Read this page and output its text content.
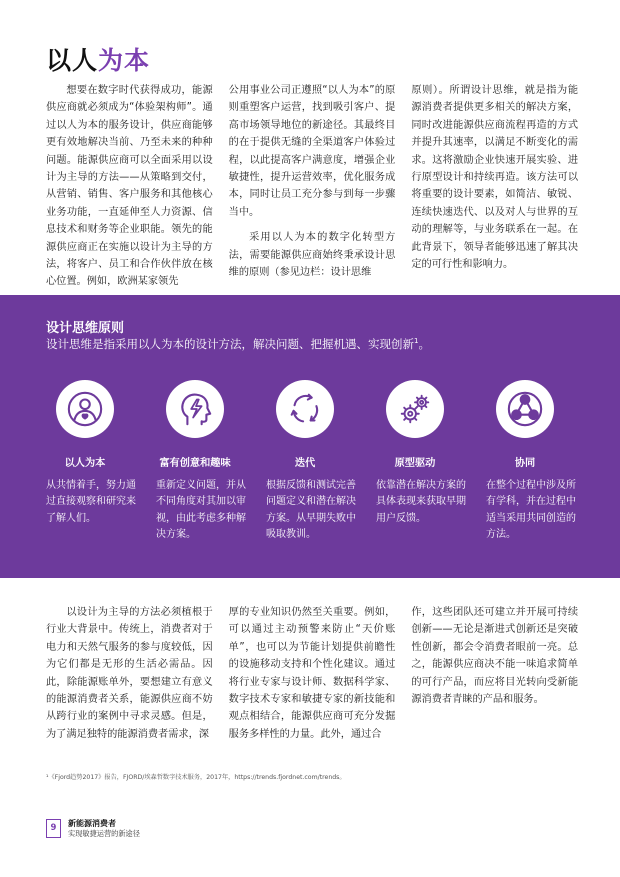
以人为本

想要在数字时代获得成功，能源供应商就必须成为“体验架构师”。通过以人为本的服务设计，供应商能够更有效地解决当前、乃至未来的种种问题。能源供应商可以全面采用以设计为主导的方法——从策略到交付，从营销、销售、客户服务和其他核心业务功能，一直延伸至人力资源、信息技术和财务等企业职能。领先的能源供应商正在实施以设计为主导的方法，将客户、员工和合作伙伴放在核心位置。例如，欧洲某家领先

公用事业公司正遵照“以人为本”的原则重塑客户运营，找到吸引客户、提高市场领导地位的新途径。其最终目的在于提供无缝的全渠道客户体验过程，以此提高客户满意度，增强企业敏捷性，提升运营效率，优化服务成本，同时让员工充分参与到每一步骤当中。

采用以人为本的数字化转型方法，需要能源供应商始终秉承设计思维的原则（参见边栏：设计思维

原则）。所谓设计思维，就是指为能源消费者提供更多相关的解决方案，同时改进能源供应商流程再造的方式并提升其速率，以满足不断变化的需求。这将激励企业快速开展实验、进行原型设计和持续再造。该方法可以将重要的设计要素，如简洁、敏锐、连续快速迭代、以及对人与世界的互动的理解等，与业务联系在一起。在此背景下，领导者能够迅速了解其决定的可行性和影响力。

设计思维原则

设计思维是指采用以人为本的设计方法，解决问题、把握机遇、实现创新$^1$。

以人为本
从共情着手，努力通过直接观察和研究来了解人们。
富有创意和趣味
重新定义问题，并从不同角度对其加以审视，由此考虑多种解决方案。
迭代
根据反馈和测试完善问题定义和潜在解决方案。从早期失败中吸取教训。
原型驱动
依靠潜在解决方案的具体表现来获取早期用户反馈。
协同
在整个过程中涉及所有学科，并在过程中适当采用共同创造的方法。

以设计为主导的方法必须植根于行业大背景中。传统上，消费者对于电力和天然气服务的参与度较低，因为它们都是无形的生活必需品。因此，除能源账单外，要想建立有意义的能源消费者关系，能源供应商不妨从跨行业的案例中寻求灵感。但是，为了满足独特的能源消费者需求，深

厚的专业知识仍然至关重要。例如，可以通过主动预警来防止“天价账单”，也可以为节能计划提供前瞻性的设施移动支持和个性化建议。通过将行业专家与设计师、数据科学家、数字技术专家和敏捷专家的新技能和观点相结合，能源供应商可充分发掘服务多样性的力量。此外，通过合

作，这些团队还可建立并开展可持续创新——无论是渐进式创新还是突破性创新，都会令消费者眼前一亮。总之，能源供应商决不能一味追求简单的可行产品，而应将目光转向受新能源消费者青睐的产品和服务。

¹《Fjord趋势2017》报告，FJORD/埃森哲数字技术服务，2017年，https://trends.fjordnet.com/trends。

9	新能源消费者
实现敏捷运营的新途径
